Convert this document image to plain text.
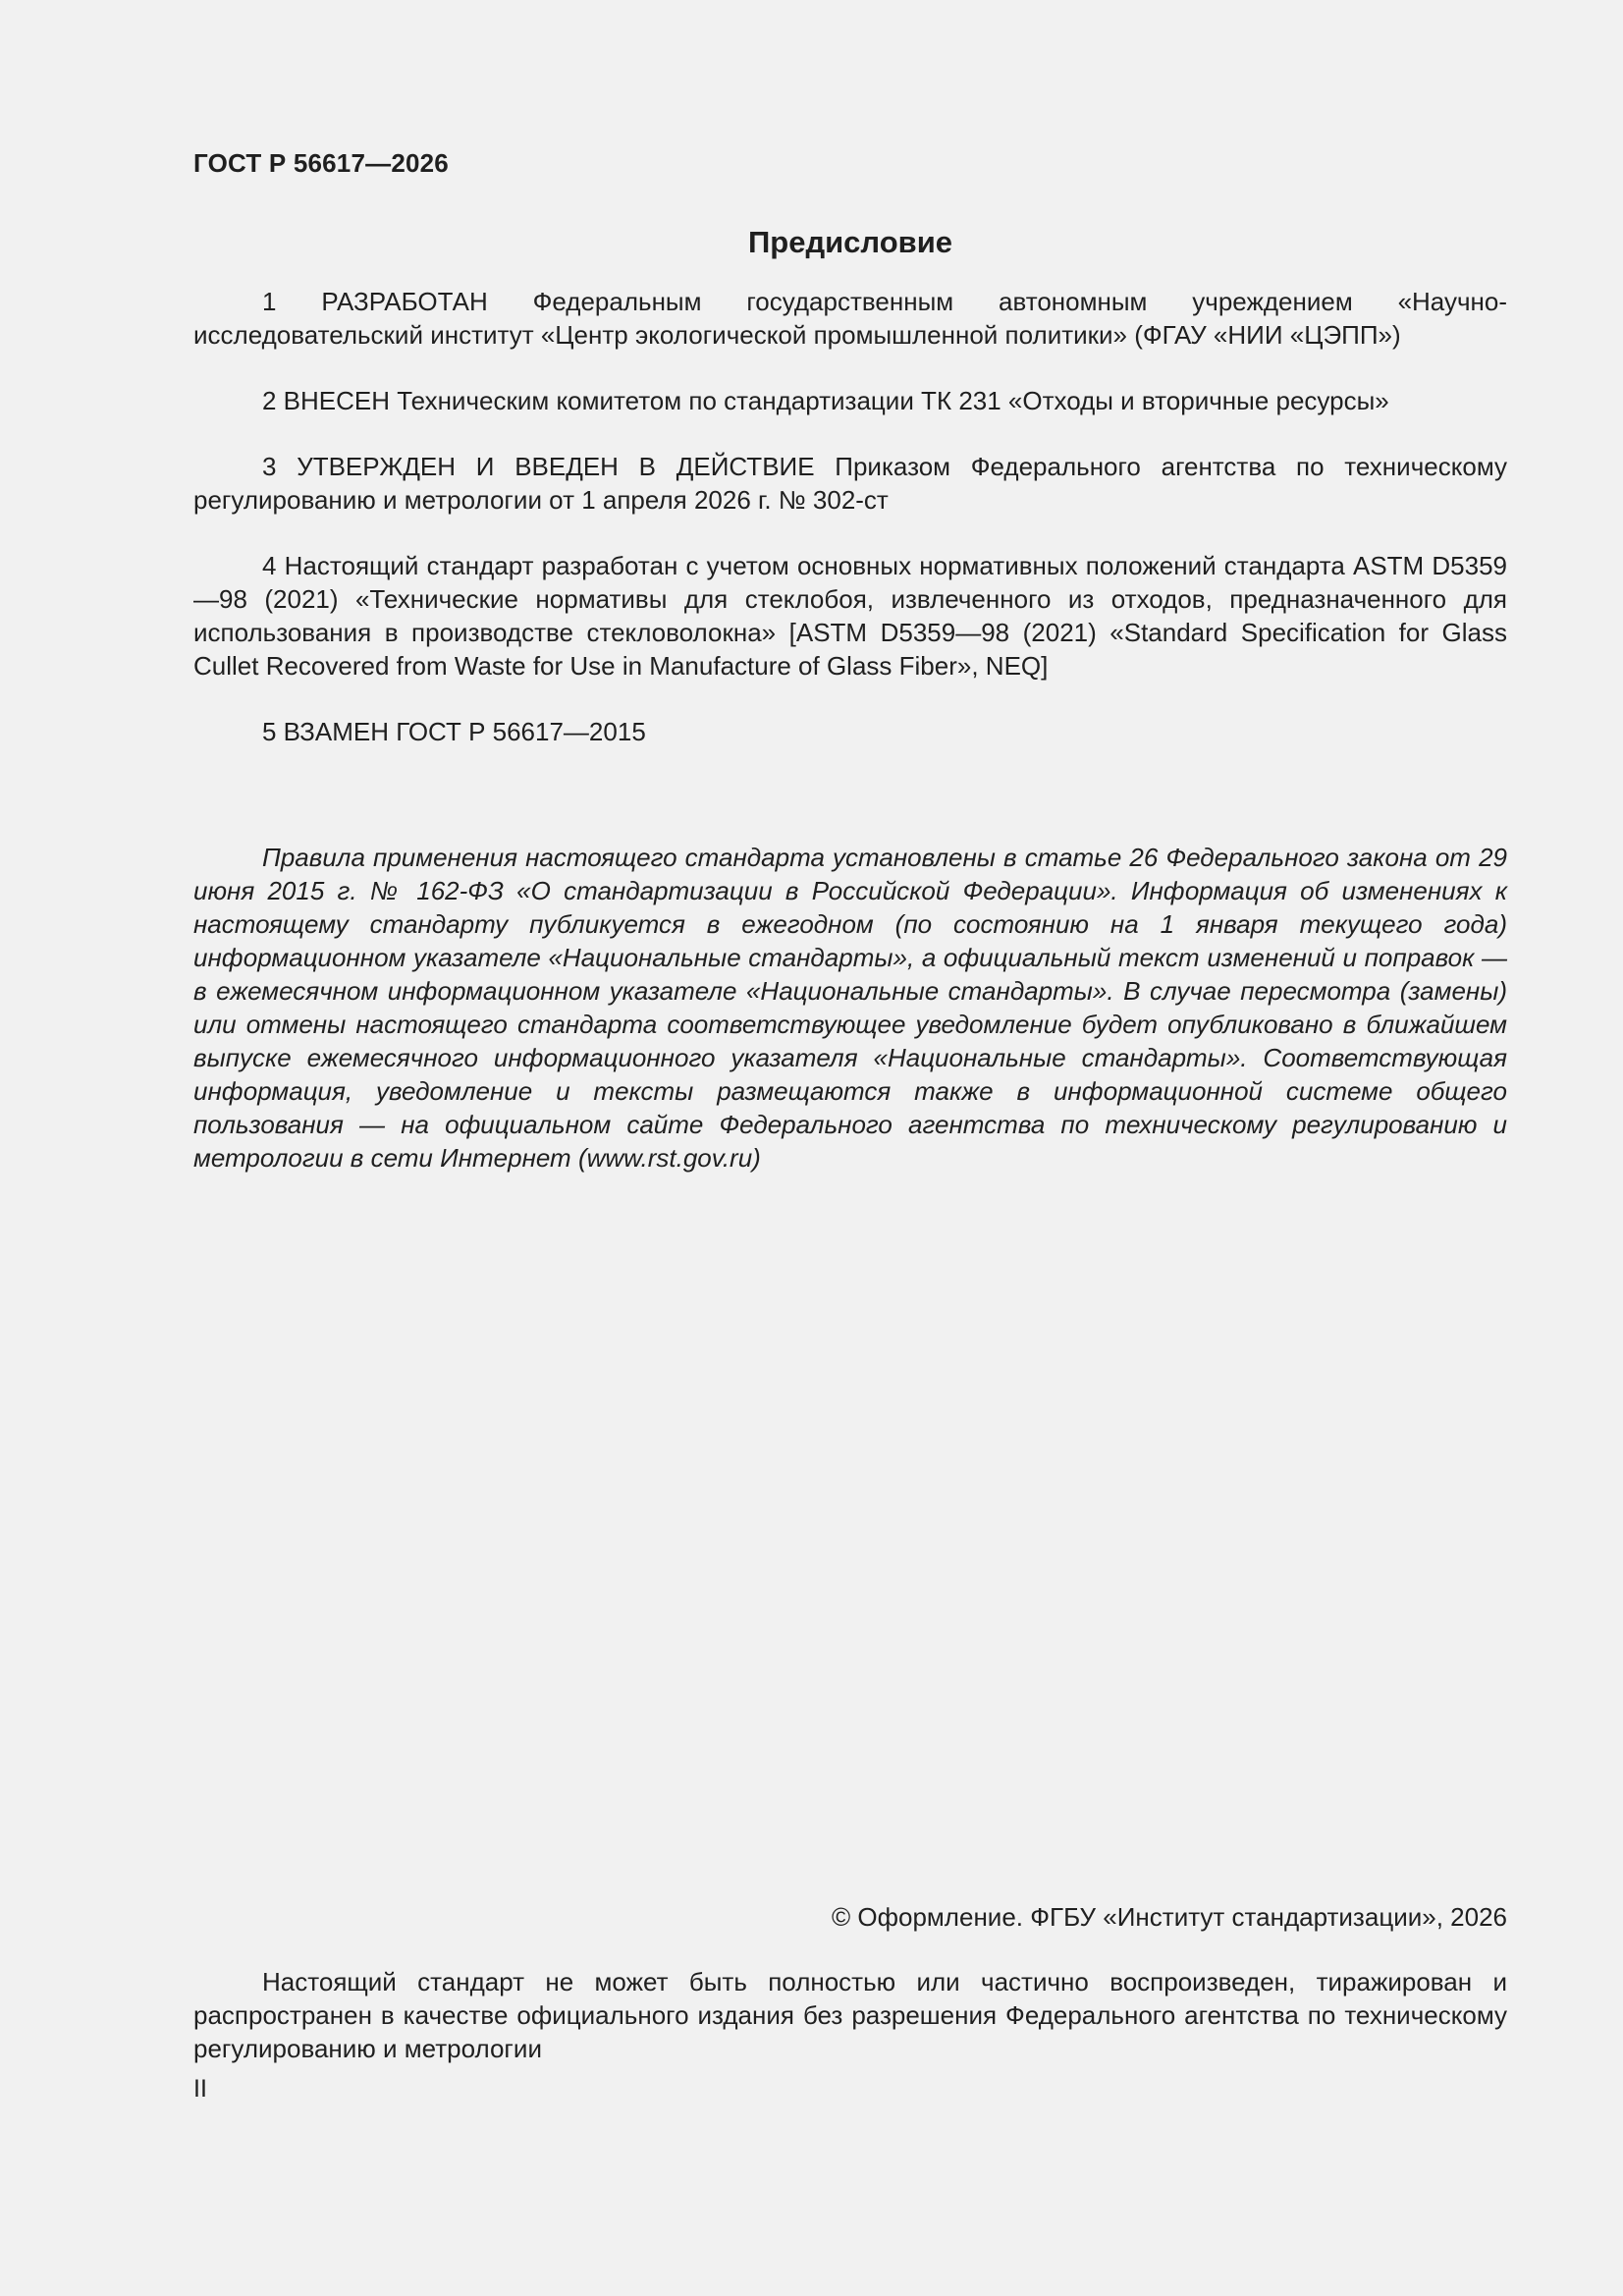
ГОСТ Р 56617—2026
Предисловие

1 РАЗРАБОТАН Федеральным государственным автономным учреждением «Научно-исследовательский институт «Центр экологической промышленной политики» (ФГАУ «НИИ «ЦЭПП»)

2 ВНЕСЕН Техническим комитетом по стандартизации ТК 231 «Отходы и вторичные ресурсы»

3 УТВЕРЖДЕН И ВВЕДЕН В ДЕЙСТВИЕ Приказом Федерального агентства по техническому регулированию и метрологии от 1 апреля 2026 г. № 302-ст

4 Настоящий стандарт разработан с учетом основных нормативных положений стандарта ASTM D5359—98 (2021) «Технические нормативы для стеклобоя, извлеченного из отходов, предназначенного для использования в производстве стекловолокна» [ASTM D5359—98 (2021) «Standard Specification for Glass Cullet Recovered from Waste for Use in Manufacture of Glass Fiber», NEQ]

5 ВЗАМЕН ГОСТ Р 56617—2015

Правила применения настоящего стандарта установлены в статье 26 Федерального закона от 29 июня 2015 г. № 162-ФЗ «О стандартизации в Российской Федерации». Информация об изменениях к настоящему стандарту публикуется в ежегодном (по состоянию на 1 января текущего года) информационном указателе «Национальные стандарты», а официальный текст изменений и поправок — в ежемесячном информационном указателе «Национальные стандарты». В случае пересмотра (замены) или отмены настоящего стандарта соответствующее уведомление будет опубликовано в ближайшем выпуске ежемесячного информационного указателя «Национальные стандарты». Соответствующая информация, уведомление и тексты размещаются также в информационной системе общего пользования — на официальном сайте Федерального агентства по техническому регулированию и метрологии в сети Интернет (www.rst.gov.ru)

© Оформление. ФГБУ «Институт стандартизации», 2026

Настоящий стандарт не может быть полностью или частично воспроизведен, тиражирован и распространен в качестве официального издания без разрешения Федерального агентства по техническому регулированию и метрологии

II
